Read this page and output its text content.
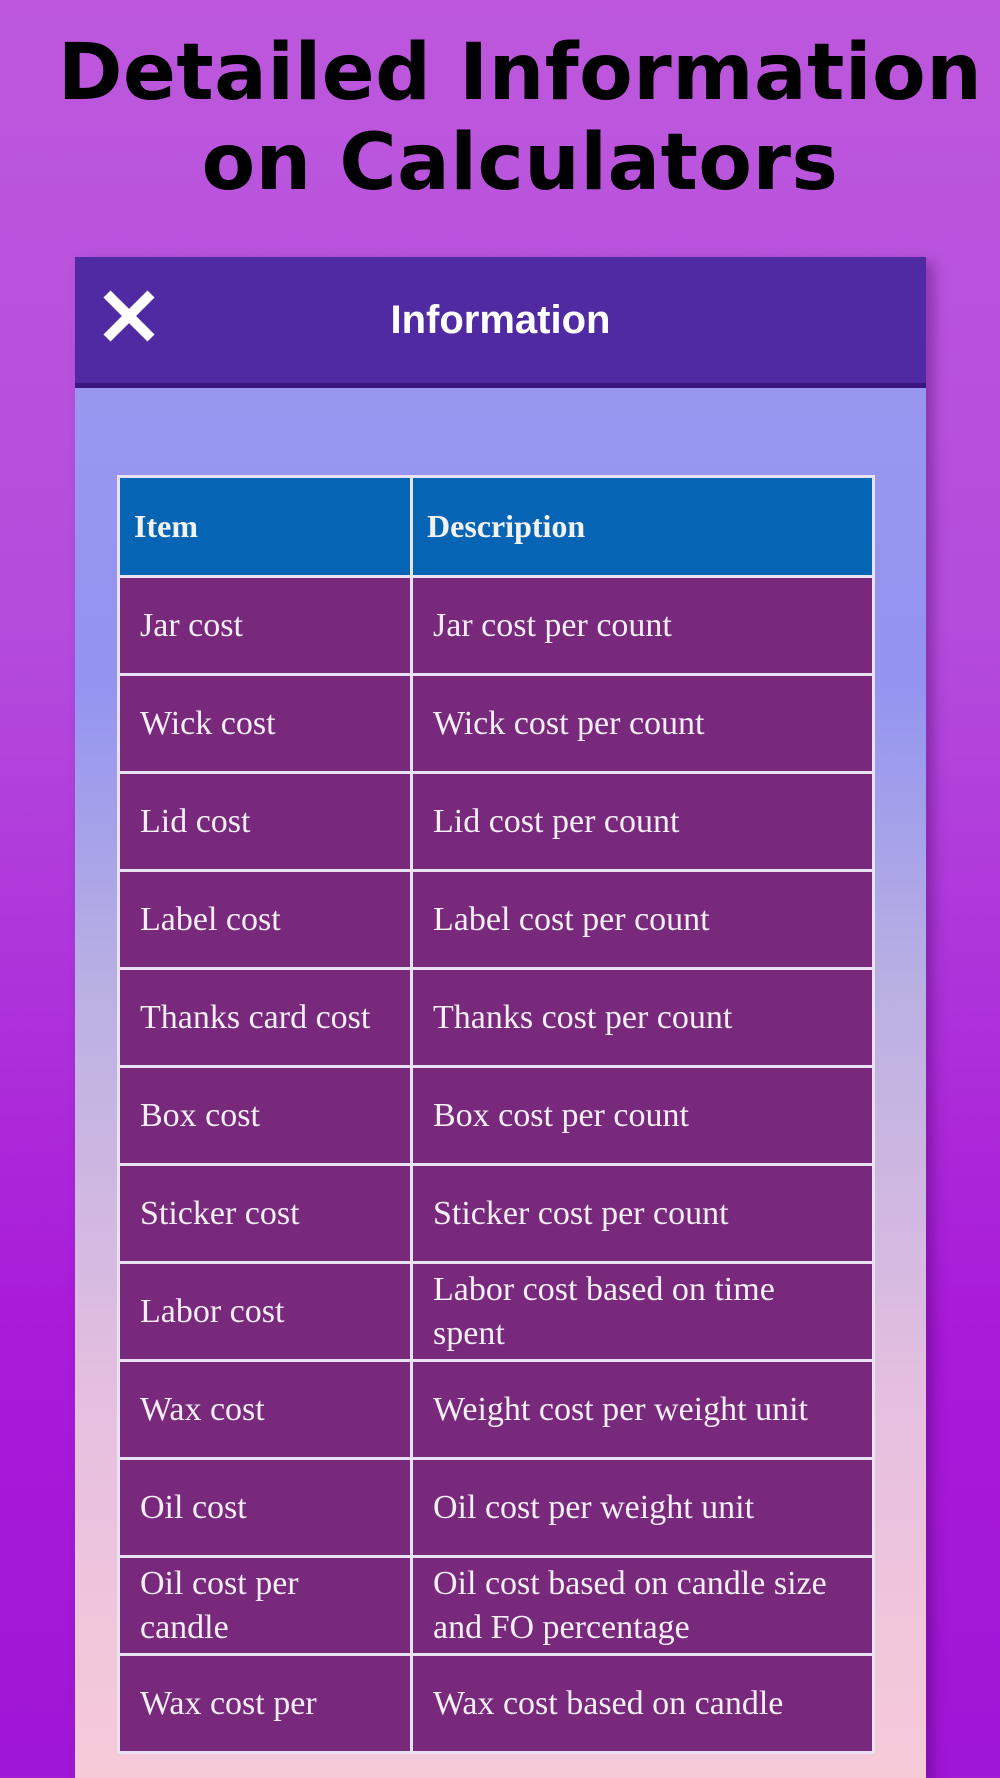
Detailed Information
on Calculators
Information
Item	Description
Jar cost	Jar cost per count
Wick cost	Wick cost per count
Lid cost	Lid cost per count
Label cost	Label cost per count
Thanks card cost	Thanks cost per count
Box cost	Box cost per count
Sticker cost	Sticker cost per count
Labor cost	Labor cost based on time spent
Wax cost	Weight cost per weight unit
Oil cost	Oil cost per weight unit
Oil cost per candle	Oil cost based on candle size and FO percentage
Wax cost per	Wax cost based on candle
